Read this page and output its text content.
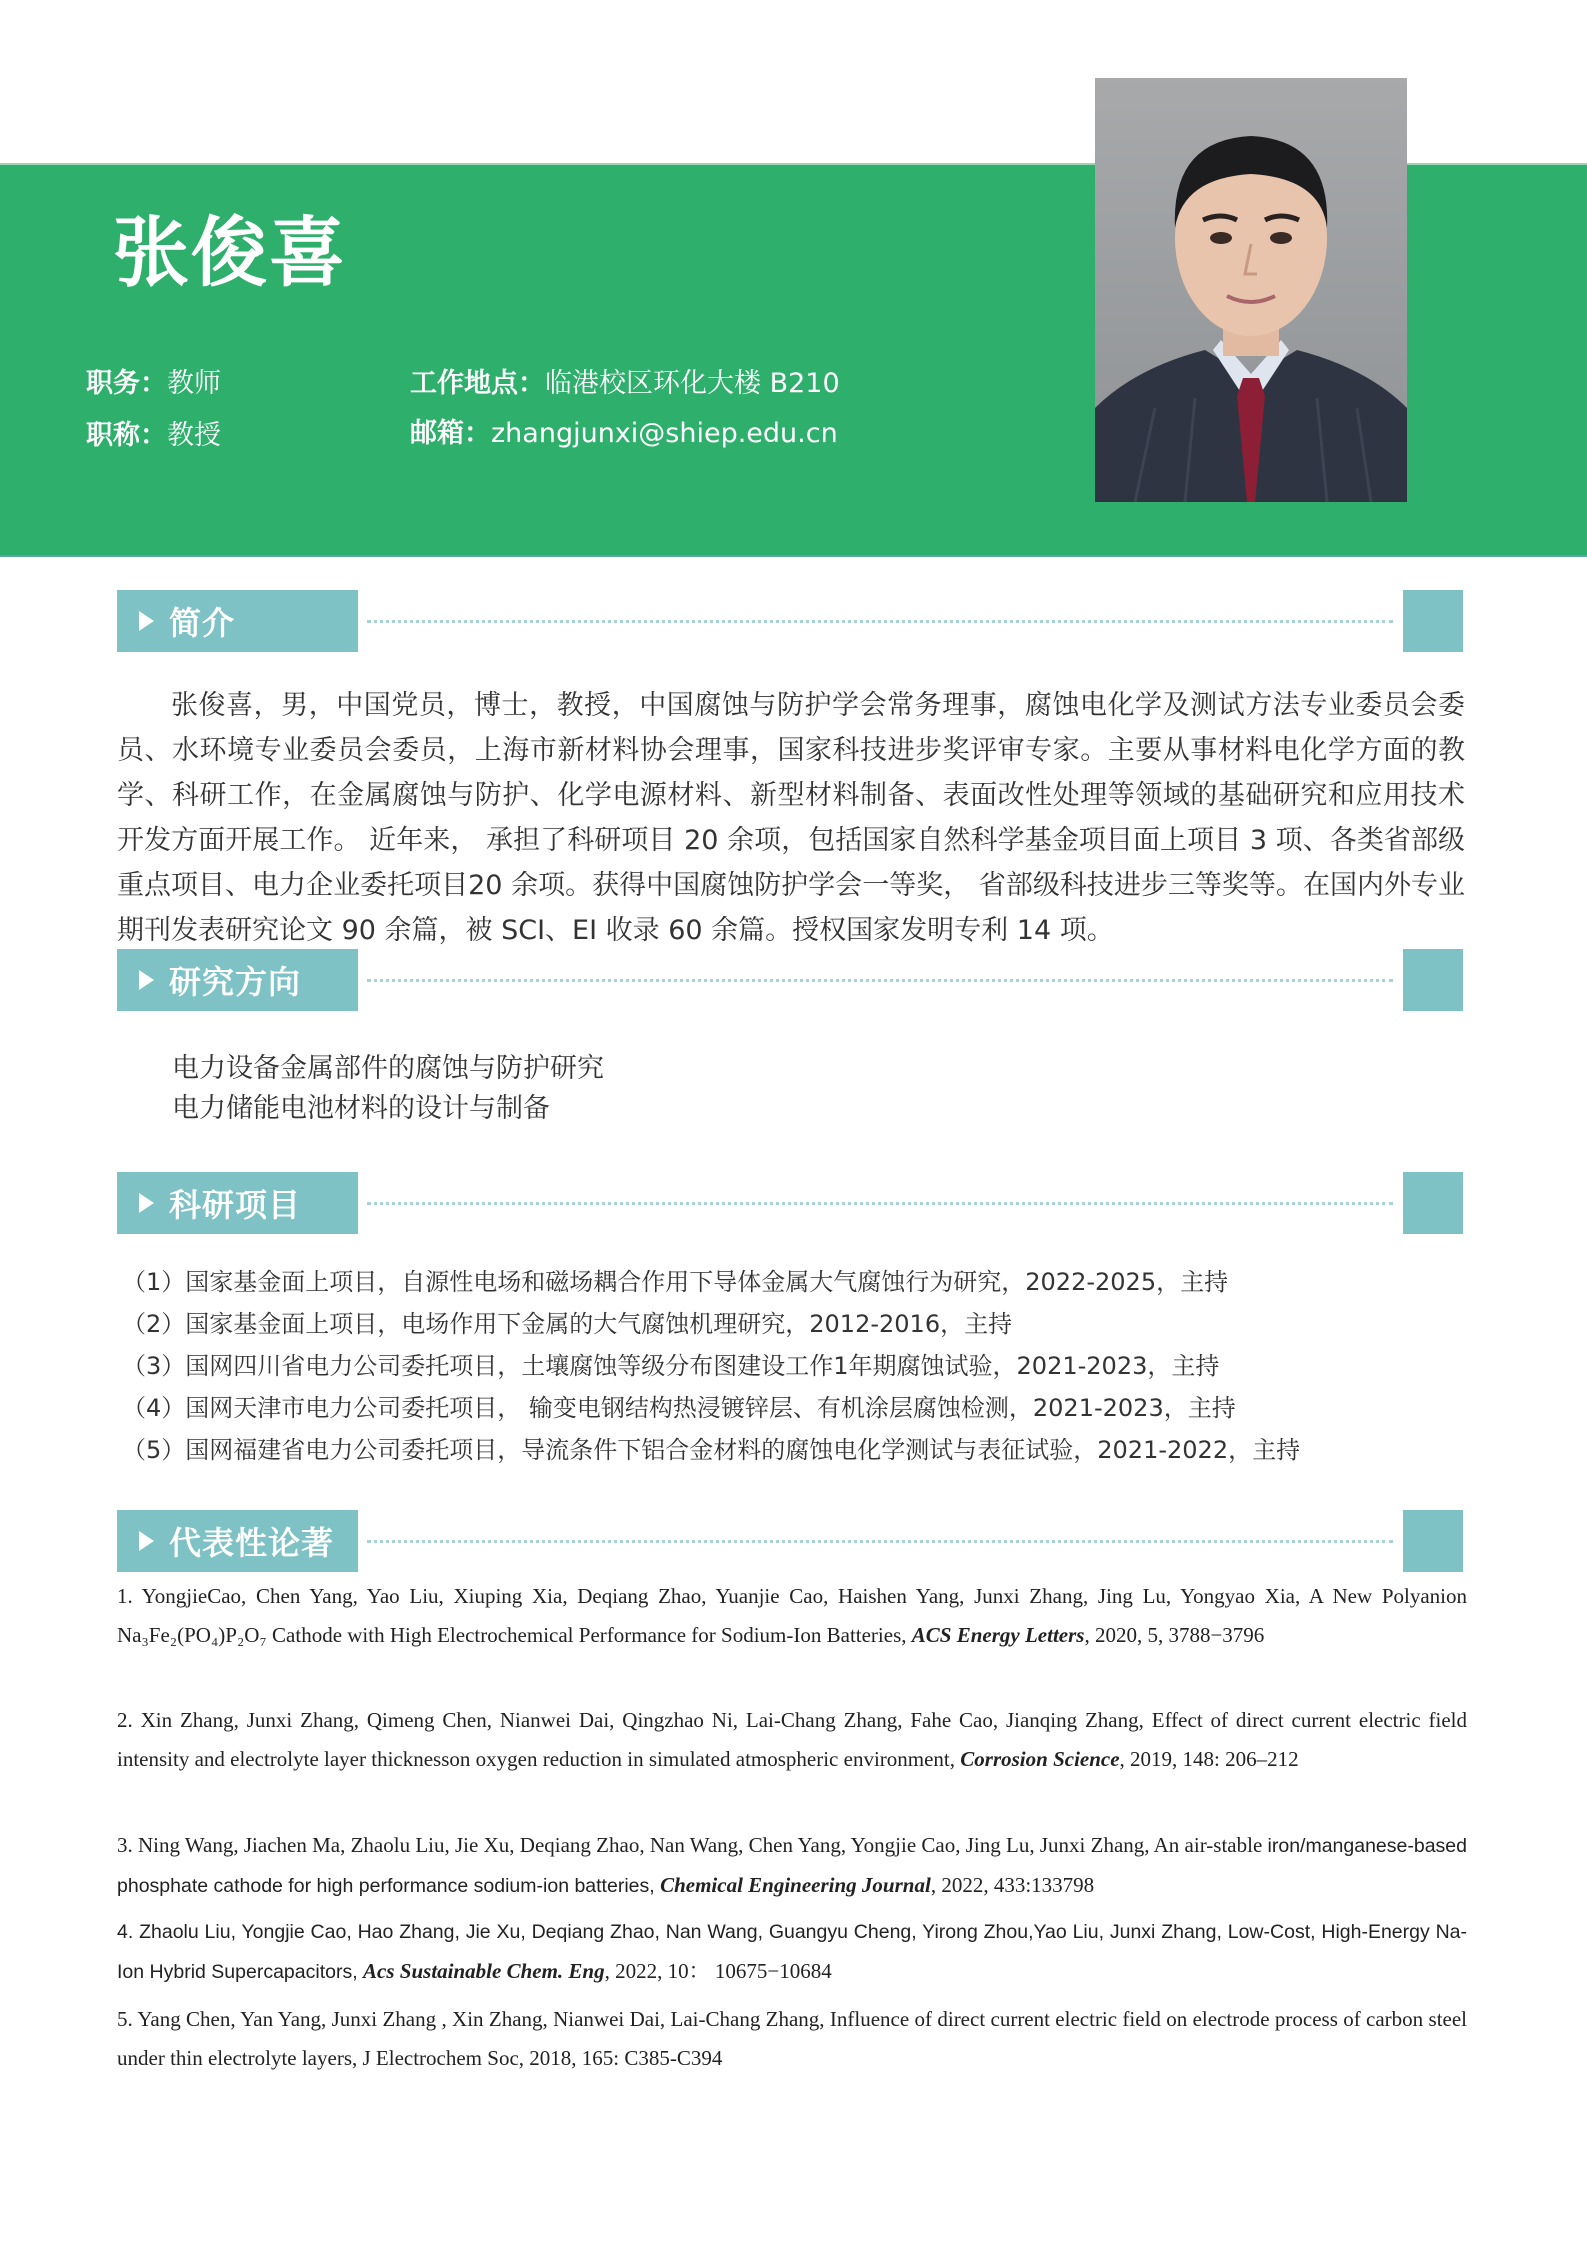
张俊喜
职务：教师
职称：教授
工作地点：临港校区环化大楼 B210
邮箱：zhangjunxi@shiep.edu.cn
简介
张俊喜，男，中国党员，博士，教授，中国腐蚀与防护学会常务理事，腐蚀电化学及测试方法专业委员会委员、水环境专业委员会委员，上海市新材料协会理事，国家科技进步奖评审专家。主要从事材料电化学方面的教学、科研工作，在金属腐蚀与防护、化学电源材料、新型材料制备、表面改性处理等领域的基础研究和应用技术开发方面开展工作。 近年来， 承担了科研项目 20 余项，包括国家自然科学基金项目面上项目 3 项、各类省部级重点项目、电力企业委托项目20 余项。获得中国腐蚀防护学会一等奖， 省部级科技进步三等奖等。在国内外专业期刊发表研究论文 90 余篇，被 SCI、EI 收录 60 余篇。授权国家发明专利 14 项。
研究方向
电力设备金属部件的腐蚀与防护研究
电力储能电池材料的设计与制备
科研项目
（1）国家基金面上项目，自源性电场和磁场耦合作用下导体金属大气腐蚀行为研究，2022-2025，主持
（2）国家基金面上项目，电场作用下金属的大气腐蚀机理研究，2012-2016，主持
（3）国网四川省电力公司委托项目，土壤腐蚀等级分布图建设工作1年期腐蚀试验，2021-2023，主持
（4）国网天津市电力公司委托项目， 输变电钢结构热浸镀锌层、有机涂层腐蚀检测，2021-2023，主持
（5）国网福建省电力公司委托项目，导流条件下铝合金材料的腐蚀电化学测试与表征试验，2021-2022，主持
代表性论著
1. YongjieCao, Chen Yang, Yao Liu, Xiuping Xia, Deqiang Zhao, Yuanjie Cao, Haishen Yang, Junxi Zhang, Jing Lu, Yongyao Xia, A New Polyanion Na₃Fe₂(PO₄)P₂O₇ Cathode with High Electrochemical Performance for Sodium-Ion Batteries, ACS Energy Letters, 2020, 5, 3788−3796
2. Xin Zhang, Junxi Zhang, Qimeng Chen, Nianwei Dai, Qingzhao Ni, Lai-Chang Zhang, Fahe Cao, Jianqing Zhang, Effect of direct current electric field intensity and electrolyte layer thicknesson oxygen reduction in simulated atmospheric environment, Corrosion Science, 2019, 148: 206–212
3. Ning Wang, Jiachen Ma, Zhaolu Liu, Jie Xu, Deqiang Zhao, Nan Wang, Chen Yang, Yongjie Cao, Jing Lu, Junxi Zhang, An air-stable iron/manganese-based phosphate cathode for high performance sodium-ion batteries, Chemical Engineering Journal, 2022, 433:133798
4. Zhaolu Liu, Yongjie Cao, Hao Zhang, Jie Xu, Deqiang Zhao, Nan Wang, Guangyu Cheng, Yirong Zhou,Yao Liu, Junxi Zhang, Low-Cost, High-Energy Na-Ion Hybrid Supercapacitors, Acs Sustainable Chem. Eng, 2022, 10： 10675−10684
5. Yang Chen, Yan Yang, Junxi Zhang , Xin Zhang, Nianwei Dai, Lai-Chang Zhang, Influence of direct current electric field on electrode process of carbon steel under thin electrolyte layers, J Electrochem Soc, 2018, 165: C385-C394
